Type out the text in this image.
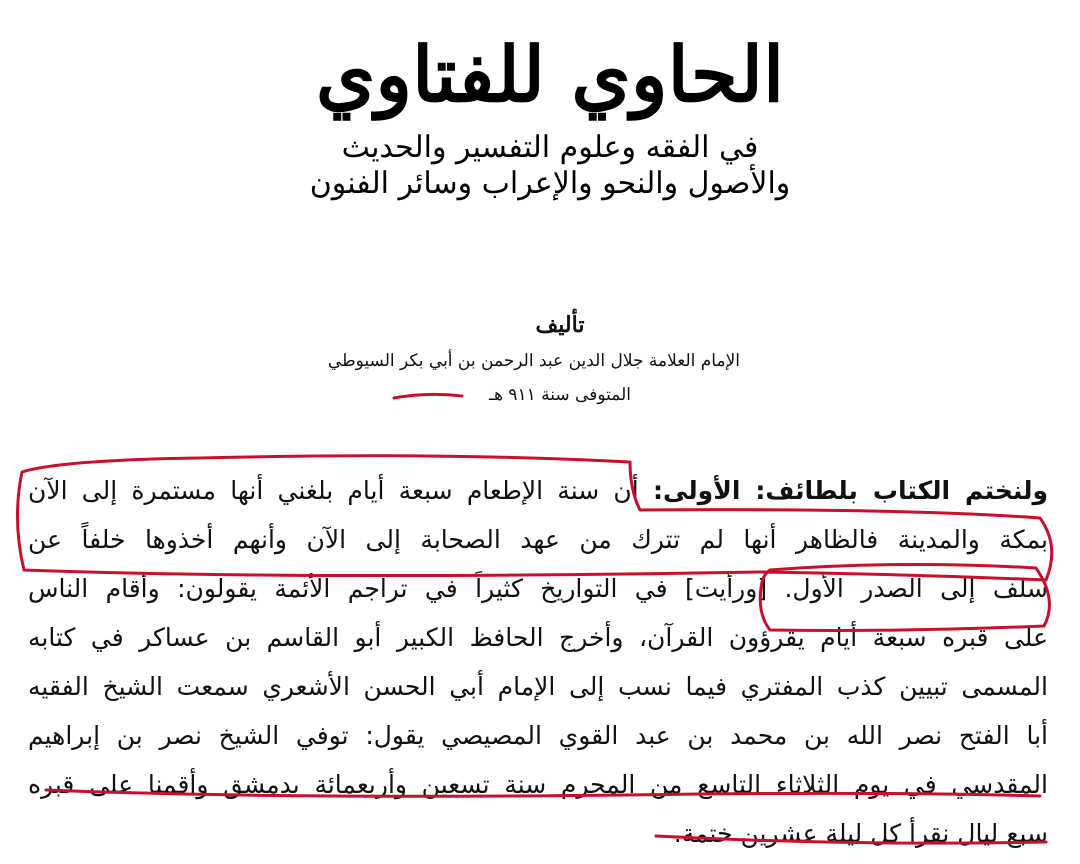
الحاوي للفتاوي
في الفقه وعلوم التفسير والحديث
والأصول والنحو والإعراب وسائر الفنون
تأليف
الإمام العلامة جلال الدين عبد الرحمن بن أبي بكر السيوطي
المتوفى سنة ٩١١ هـ
ولنختم الكتاب بلطائف: الأولى: أن سنة الإطعام سبعة أيام بلغني أنها مستمرة إلى الآن
بمكة والمدينة فالظاهر أنها لم تترك من عهد الصحابة إلى الآن وأنهم أخذوها خلفاً عن
سلف إلى الصدر الأول. [ورأيت] في التواريخ كثيراً في تراجم الأئمة يقولون: وأقام الناس
على قبره سبعة أيام يقرؤون القرآن، وأخرج الحافظ الكبير أبو القاسم بن عساكر في كتابه
المسمى تبيين كذب المفتري فيما نسب إلى الإمام أبي الحسن الأشعري سمعت الشيخ الفقيه
أبا الفتح نصر الله بن محمد بن عبد القوي المصيصي يقول: توفي الشيخ نصر بن إبراهيم
المقدسي في يوم الثلاثاء التاسع من المحرم سنة تسعين وأربعمائة بدمشق وأقمنا على قبره
سبع ليال نقرأ كل ليلة عشرين ختمة.
